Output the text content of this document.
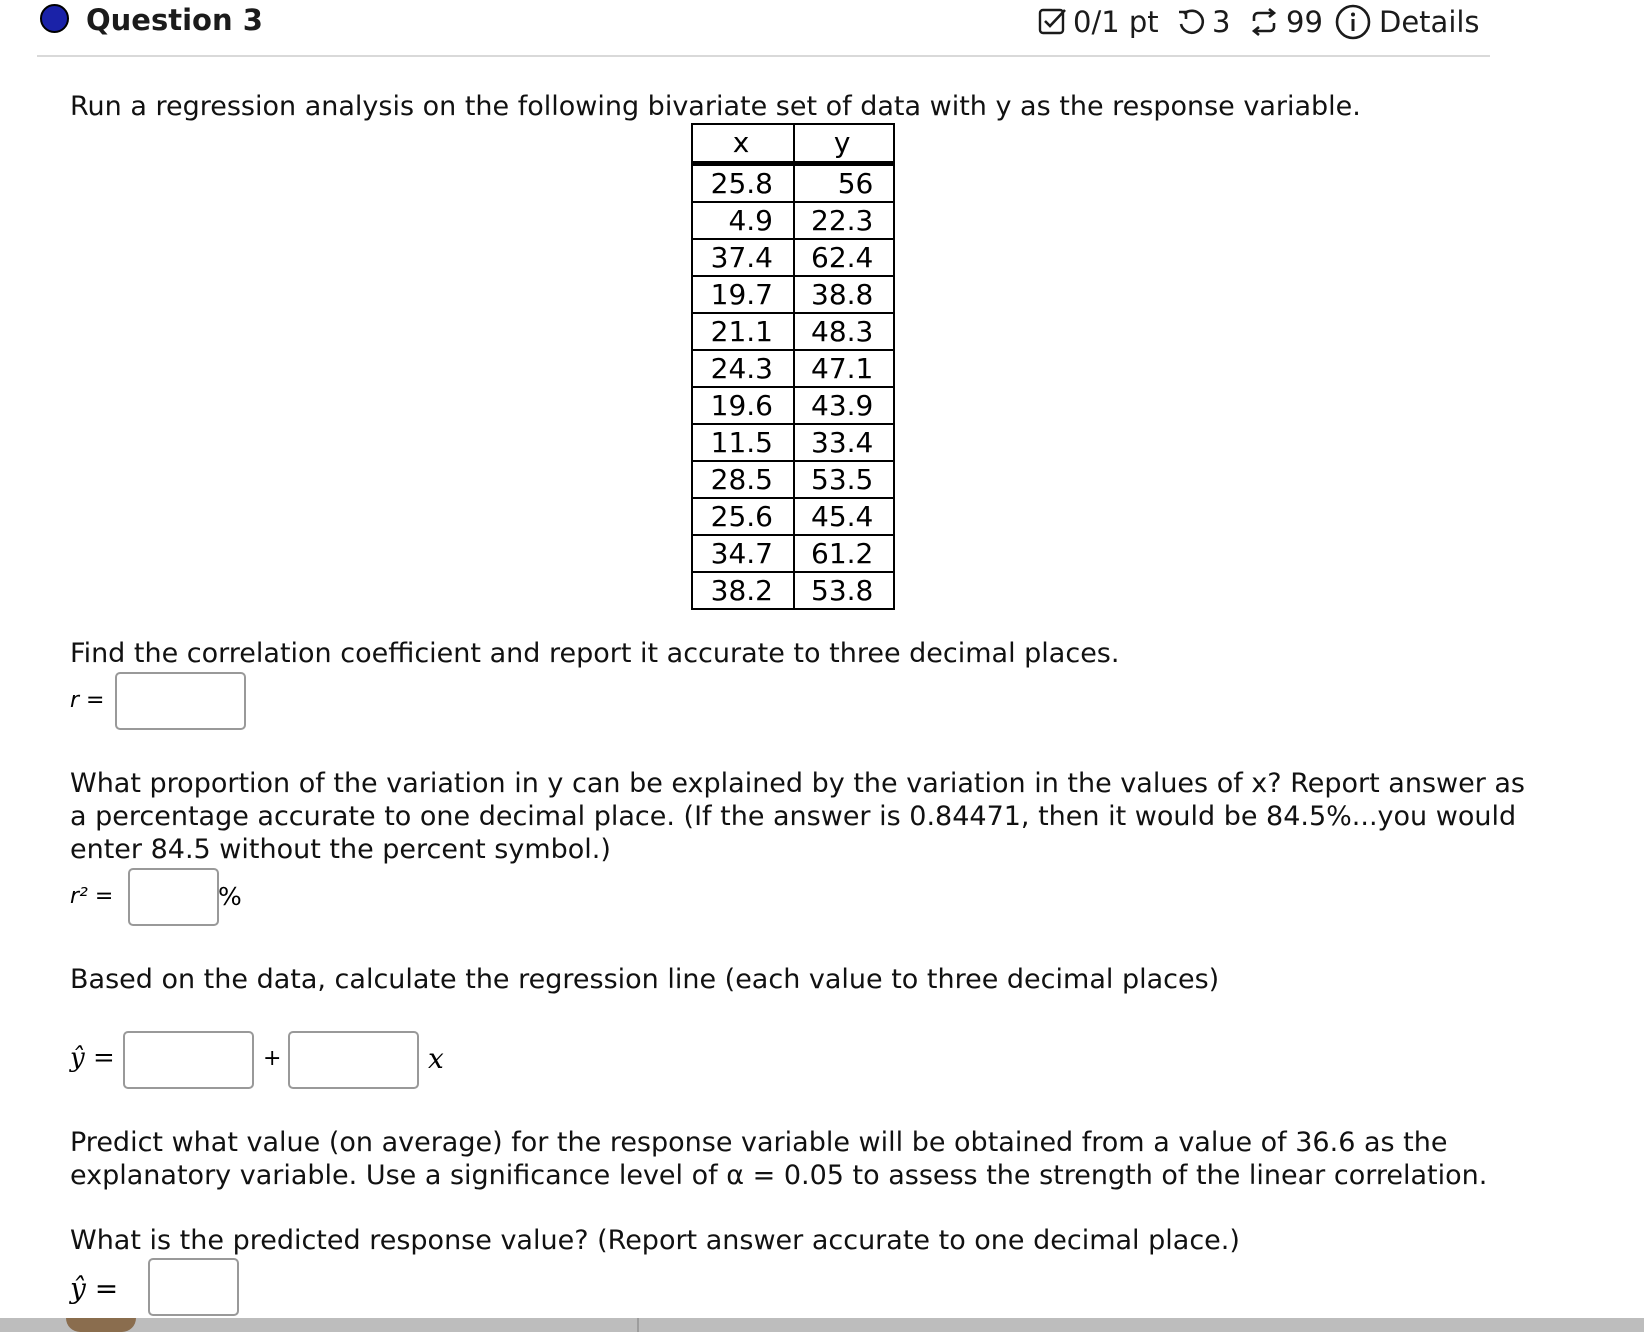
Question 3	0/1 pt 3 99 Details
Run a regression analysis on the following bivariate set of data with y as the response variable.
x	y
25.8	56
4.9	22.3
37.4	62.4
19.7	38.8
21.1	48.3
24.3	47.1
19.6	43.9
11.5	33.4
28.5	53.5
25.6	45.4
34.7	61.2
38.2	53.8
Find the correlation coefficient and report it accurate to three decimal places.
r =
What proportion of the variation in y can be explained by the variation in the values of x? Report answer as
a percentage accurate to one decimal place. (If the answer is 0.84471, then it would be 84.5%...you would
enter 84.5 without the percent symbol.)
r² =	%
Based on the data, calculate the regression line (each value to three decimal places)
ŷ =	+	x
Predict what value (on average) for the response variable will be obtained from a value of 36.6 as the
explanatory variable. Use a significance level of α = 0.05 to assess the strength of the linear correlation.
What is the predicted response value? (Report answer accurate to one decimal place.)
ŷ =
